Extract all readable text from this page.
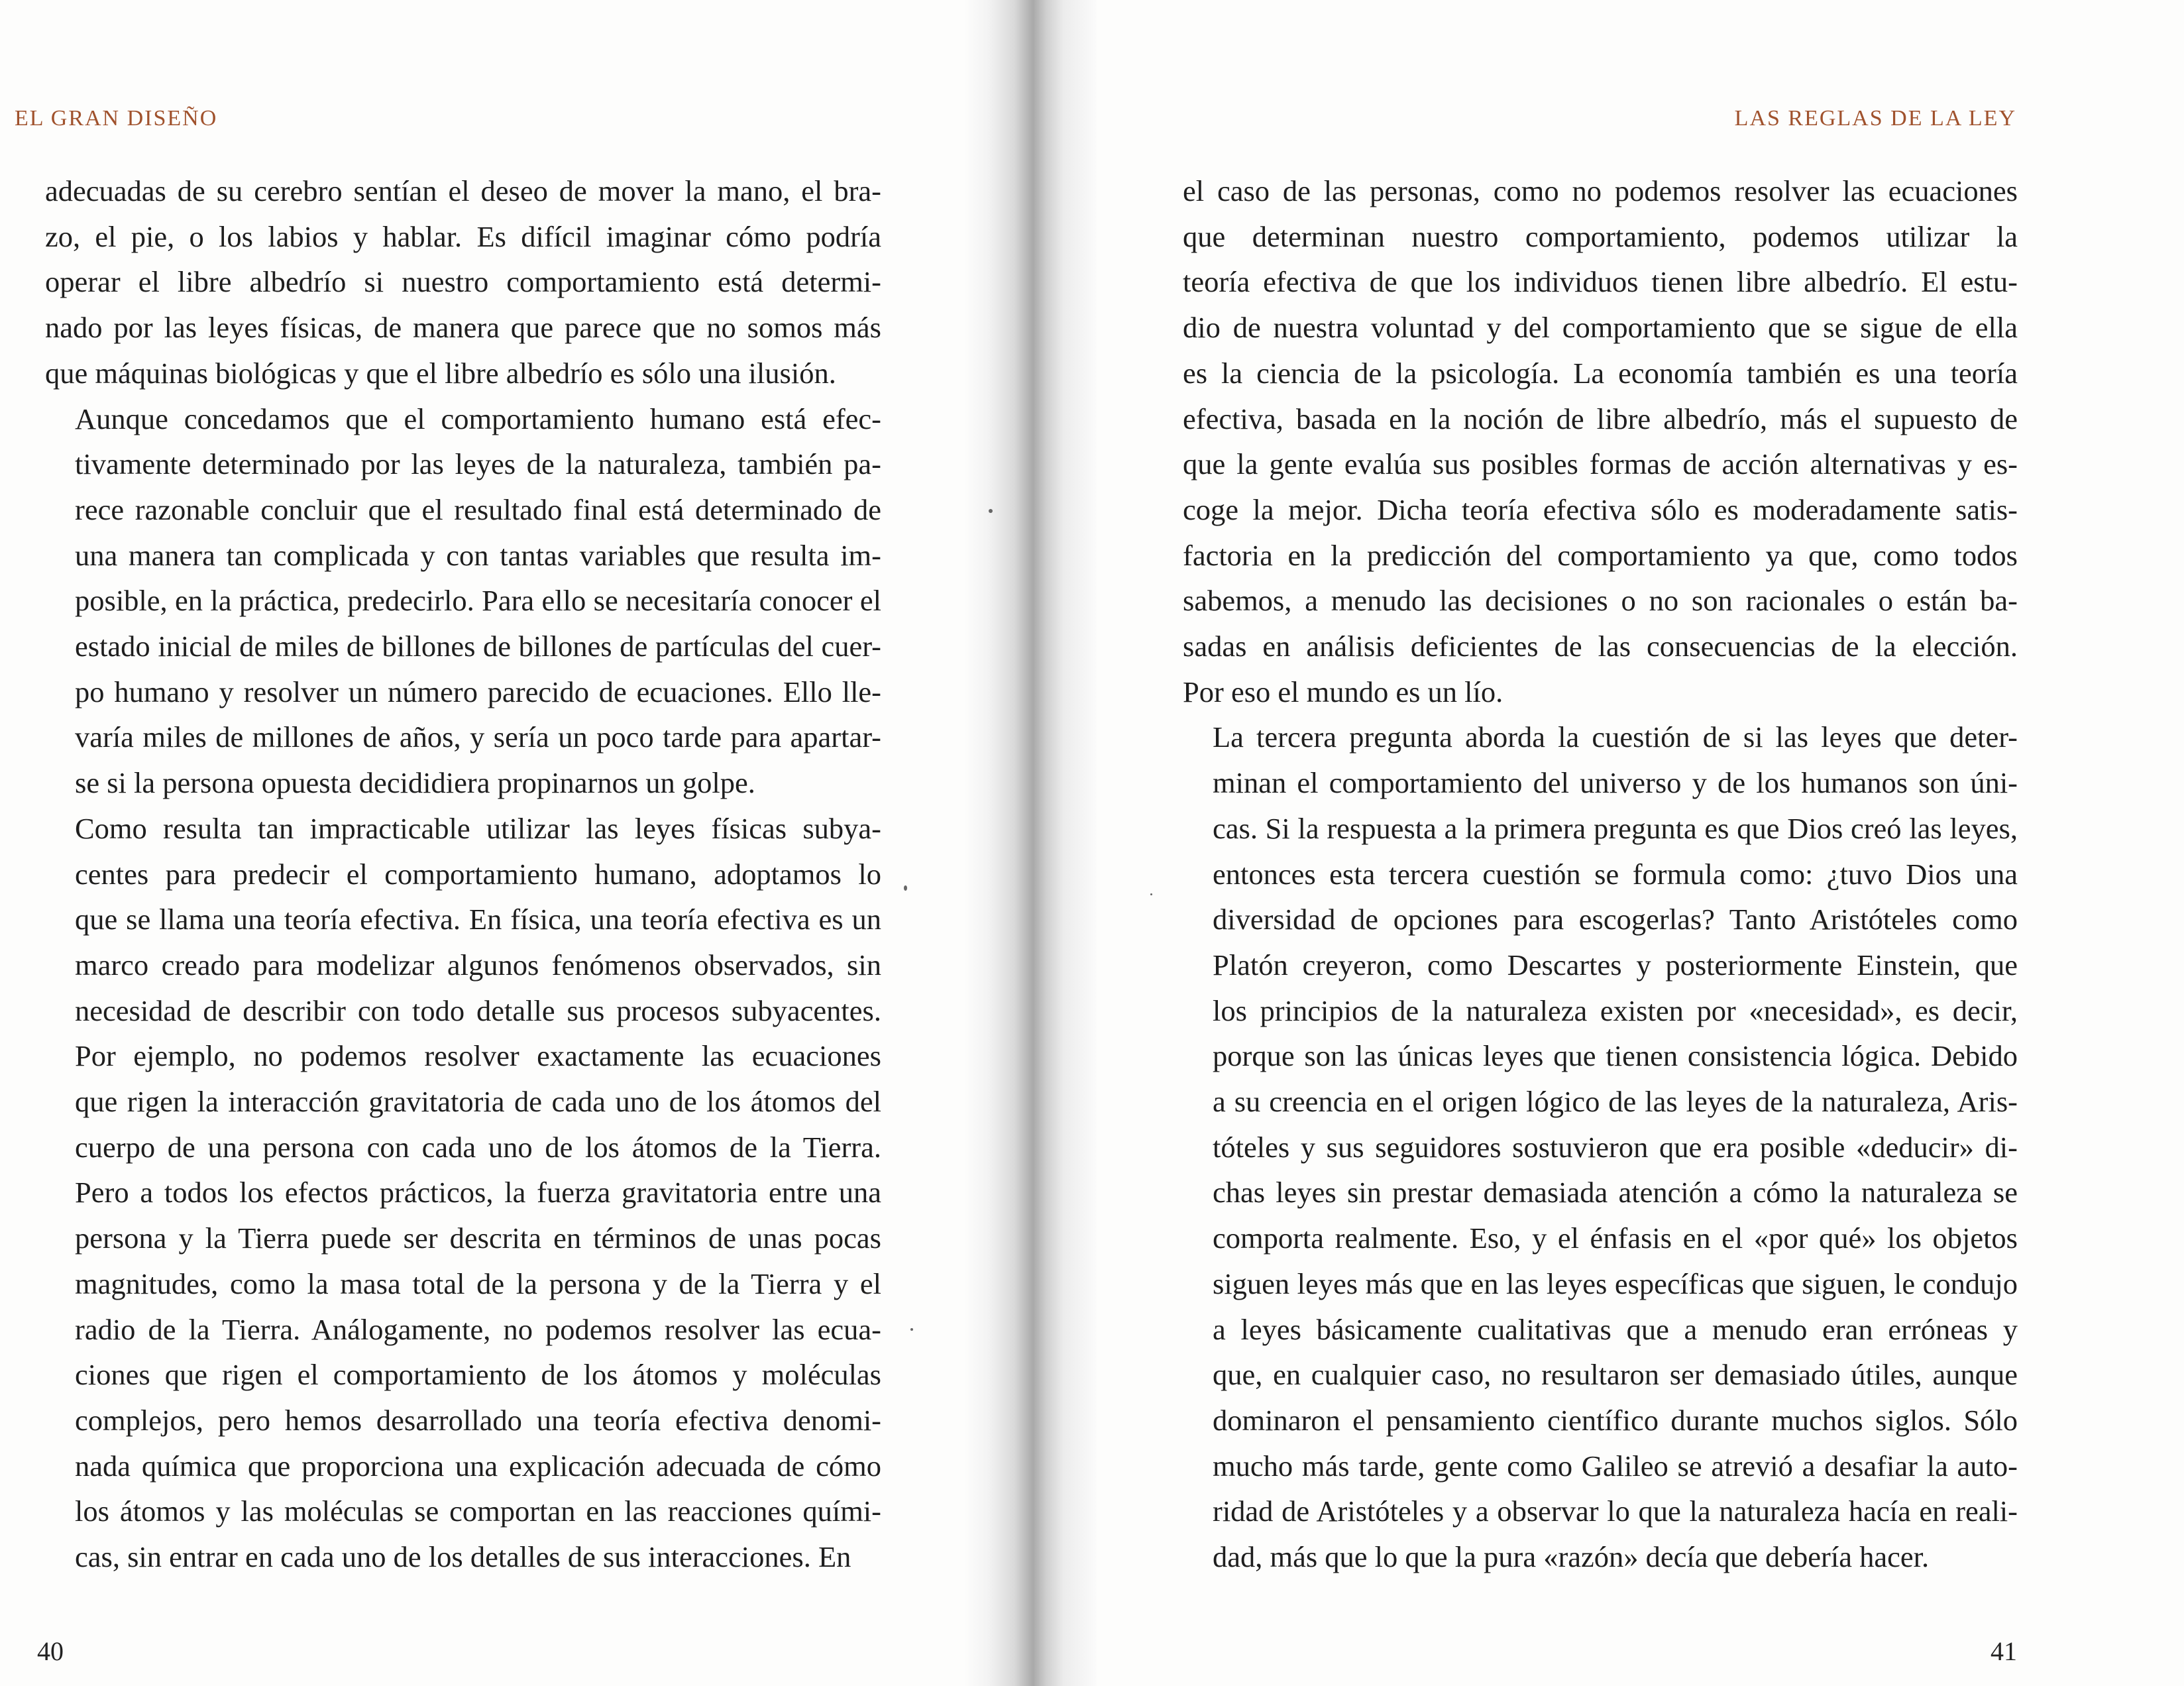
EL GRAN DISEÑO	LAS REGLAS DE LA LEY

adecuadas de su cerebro sentían el deseo de mover la mano, el bra-
zo, el pie, o los labios y hablar. Es difícil imaginar cómo podría
operar el libre albedrío si nuestro comportamiento está determi-
nado por las leyes físicas, de manera que parece que no somos más
que máquinas biológicas y que el libre albedrío es sólo una ilusión.

Aunque concedamos que el comportamiento humano está efec-
tivamente determinado por las leyes de la naturaleza, también pa-
rece razonable concluir que el resultado final está determinado de
una manera tan complicada y con tantas variables que resulta im-
posible, en la práctica, predecirlo. Para ello se necesitaría conocer el
estado inicial de miles de billones de billones de partículas del cuer-
po humano y resolver un número parecido de ecuaciones. Ello lle-
varía miles de millones de años, y sería un poco tarde para apartar-
se si la persona opuesta decididiera propinarnos un golpe.

Como resulta tan impracticable utilizar las leyes físicas subya-
centes para predecir el comportamiento humano, adoptamos lo
que se llama una teoría efectiva. En física, una teoría efectiva es un
marco creado para modelizar algunos fenómenos observados, sin
necesidad de describir con todo detalle sus procesos subyacentes.
Por ejemplo, no podemos resolver exactamente las ecuaciones
que rigen la interacción gravitatoria de cada uno de los átomos del
cuerpo de una persona con cada uno de los átomos de la Tierra.
Pero a todos los efectos prácticos, la fuerza gravitatoria entre una
persona y la Tierra puede ser descrita en términos de unas pocas
magnitudes, como la masa total de la persona y de la Tierra y el
radio de la Tierra. Análogamente, no podemos resolver las ecua-
ciones que rigen el comportamiento de los átomos y moléculas
complejos, pero hemos desarrollado una teoría efectiva denomi-
nada química que proporciona una explicación adecuada de cómo
los átomos y las moléculas se comportan en las reacciones quími-
cas, sin entrar en cada uno de los detalles de sus interacciones. En

el caso de las personas, como no podemos resolver las ecuaciones
que determinan nuestro comportamiento, podemos utilizar la
teoría efectiva de que los individuos tienen libre albedrío. El estu-
dio de nuestra voluntad y del comportamiento que se sigue de ella
es la ciencia de la psicología. La economía también es una teoría
efectiva, basada en la noción de libre albedrío, más el supuesto de
que la gente evalúa sus posibles formas de acción alternativas y es-
coge la mejor. Dicha teoría efectiva sólo es moderadamente satis-
factoria en la predicción del comportamiento ya que, como todos
sabemos, a menudo las decisiones o no son racionales o están ba-
sadas en análisis deficientes de las consecuencias de la elección.
Por eso el mundo es un lío.

La tercera pregunta aborda la cuestión de si las leyes que deter-
minan el comportamiento del universo y de los humanos son úni-
cas. Si la respuesta a la primera pregunta es que Dios creó las leyes,
entonces esta tercera cuestión se formula como: ¿tuvo Dios una
diversidad de opciones para escogerlas? Tanto Aristóteles como
Platón creyeron, como Descartes y posteriormente Einstein, que
los principios de la naturaleza existen por «necesidad», es decir,
porque son las únicas leyes que tienen consistencia lógica. Debido
a su creencia en el origen lógico de las leyes de la naturaleza, Aris-
tóteles y sus seguidores sostuvieron que era posible «deducir» di-
chas leyes sin prestar demasiada atención a cómo la naturaleza se
comporta realmente. Eso, y el énfasis en el «por qué» los objetos
siguen leyes más que en las leyes específicas que siguen, le condujo
a leyes básicamente cualitativas que a menudo eran erróneas y
que, en cualquier caso, no resultaron ser demasiado útiles, aunque
dominaron el pensamiento científico durante muchos siglos. Sólo
mucho más tarde, gente como Galileo se atrevió a desafiar la auto-
ridad de Aristóteles y a observar lo que la naturaleza hacía en reali-
dad, más que lo que la pura «razón» decía que debería hacer.

40	41
